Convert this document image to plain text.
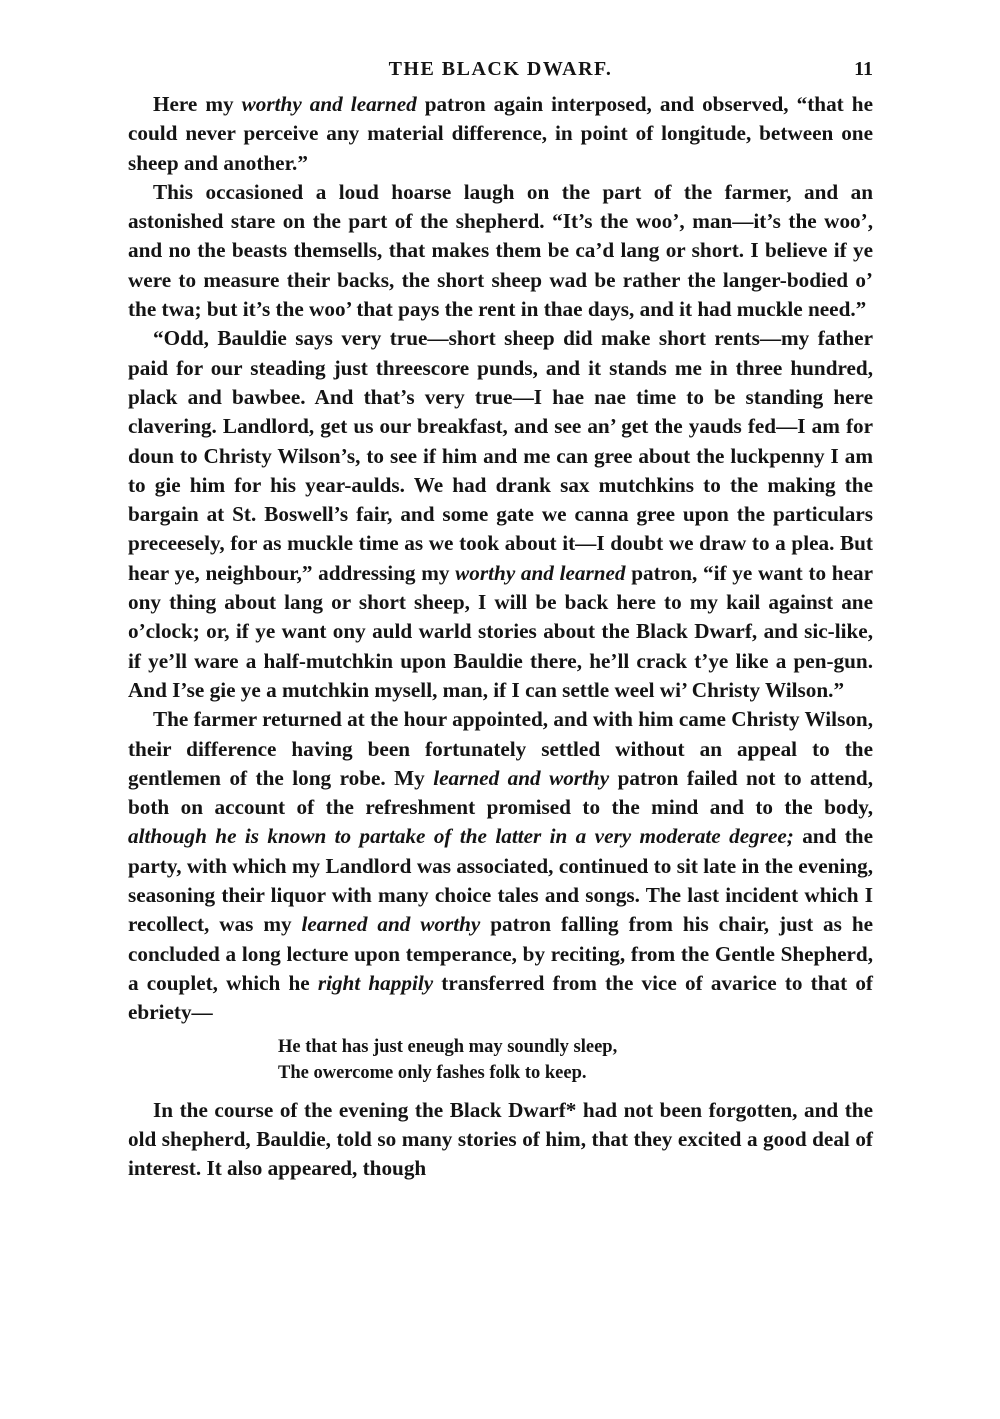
THE BLACK DWARF.	11

Here my worthy and learned patron again interposed, and observed, “that he could never perceive any material difference, in point of longitude, between one sheep and another.”

This occasioned a loud hoarse laugh on the part of the farmer, and an astonished stare on the part of the shepherd. “It’s the woo’, man—it’s the woo’, and no the beasts themsells, that makes them be ca’d lang or short. I believe if ye were to measure their backs, the short sheep wad be rather the langer-bodied o’ the twa; but it’s the woo’ that pays the rent in thae days, and it had muckle need.”

“Odd, Bauldie says very true—short sheep did make short rents—my father paid for our steading just threescore punds, and it stands me in three hundred, plack and bawbee. And that’s very true—I hae nae time to be standing here clavering. Landlord, get us our breakfast, and see an’ get the yauds fed—I am for doun to Christy Wilson’s, to see if him and me can gree about the luckpenny I am to gie him for his year-aulds. We had drank sax mutchkins to the making the bargain at St. Boswell’s fair, and some gate we canna gree upon the particulars preceesely, for as muckle time as we took about it—I doubt we draw to a plea. But hear ye, neighbour,” addressing my worthy and learned patron, “if ye want to hear ony thing about lang or short sheep, I will be back here to my kail against ane o’clock; or, if ye want ony auld warld stories about the Black Dwarf, and sic-like, if ye’ll ware a half-mutchkin upon Bauldie there, he’ll crack t’ye like a pen-gun. And I’se gie ye a mutchkin mysell, man, if I can settle weel wi’ Christy Wilson.”

The farmer returned at the hour appointed, and with him came Christy Wilson, their difference having been fortunately settled without an appeal to the gentlemen of the long robe. My learned and worthy patron failed not to attend, both on account of the refreshment promised to the mind and to the body, although he is known to partake of the latter in a very moderate degree; and the party, with which my Landlord was associated, continued to sit late in the evening, seasoning their liquor with many choice tales and songs. The last incident which I recollect, was my learned and worthy patron falling from his chair, just as he concluded a long lecture upon temperance, by reciting, from the Gentle Shepherd, a couplet, which he right happily transferred from the vice of avarice to that of ebriety—

He that has just eneugh may soundly sleep,
The owercome only fashes folk to keep.

In the course of the evening the Black Dwarf* had not been forgotten, and the old shepherd, Bauldie, told so many stories of him, that they excited a good deal of interest. It also appeared, though
